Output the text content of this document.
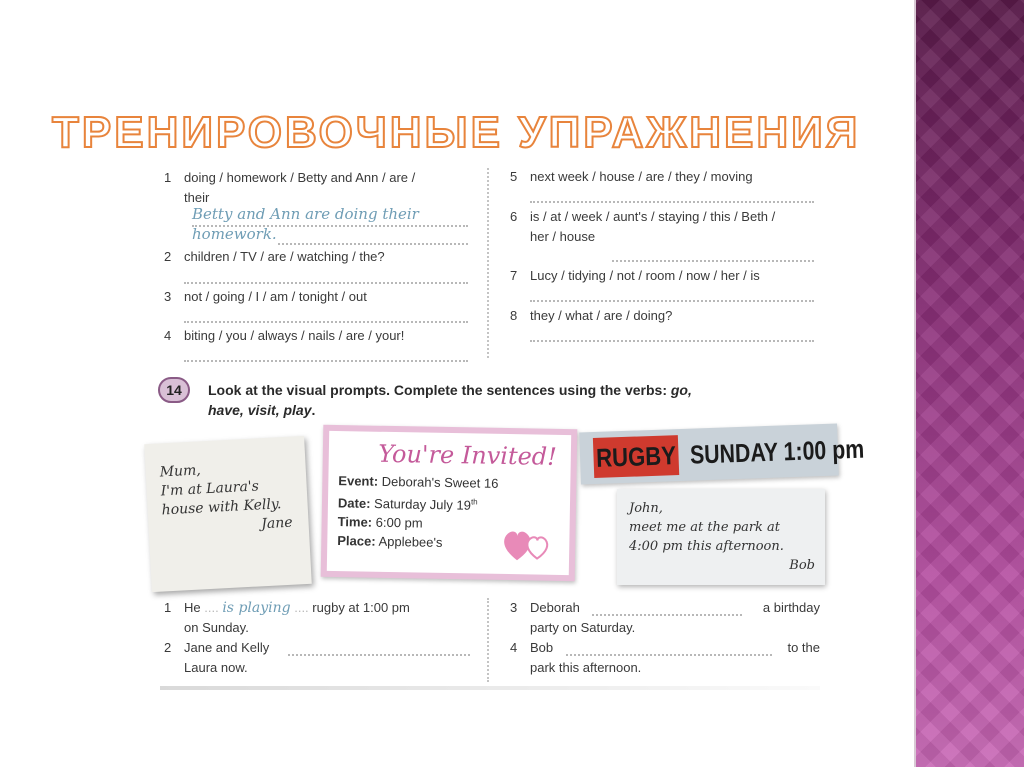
ТРЕНИРОВОЧНЫЕ УПРАЖНЕНИЯ
1 doing / homework / Betty and Ann / are /
their
Betty and Ann are doing their
homework.
2 children / TV / are / watching / the?
3 not / going / I / am / tonight / out
4 biting / you / always / nails / are / your!
5 next week / house / are / they / moving
6 is / at / week / aunt's / staying / this / Beth /
her / house
7 Lucy / tidying / not / room / now / her / is
8 they / what / are / doing?
14	Look at the visual prompts. Complete the sentences using the verbs: go,
have, visit, play.
Mum,
I'm at Laura's
house with Kelly.

Jane
You're Invited!
Event: Deborah's Sweet 16
Date: Saturday July 19th
Time: 6:00 pm
Place: Applebee's
RUGBY SUNDAY 1:00 pm
John,
meet me at the park at
4:00 pm this afternoon.

Bob
1 He .... is playing .... rugby at 1:00 pm
on Sunday.
2 Jane and Kelly
Laura now.
3 Deborah	a birthday

party on Saturday.
4 Bob	to the

park this afternoon.
